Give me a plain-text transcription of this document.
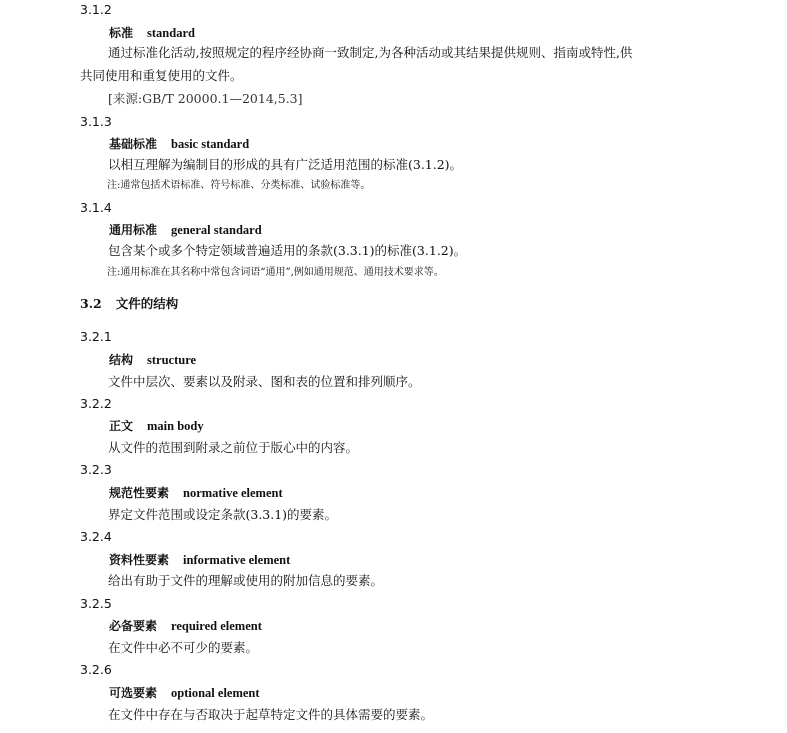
3.1.2
标准 standard
通过标准化活动,按照规定的程序经协商一致制定,为各种活动或其结果提供规则、指南或特性,供
共同使用和重复使用的文件。
[来源:GB/T 20000.1—2014,5.3]
3.1.3
基础标准 basic standard
以相互理解为编制目的形成的具有广泛适用范围的标准(3.1.2)。
注:通常包括术语标准、符号标准、分类标准、试验标准等。
3.1.4
通用标准 general standard
包含某个或多个特定领域普遍适用的条款(3.3.1)的标准(3.1.2)。
注:通用标准在其名称中常包含词语“通用”,例如通用规范、通用技术要求等。
3.2 文件的结构
3.2.1
结构 structure
文件中层次、要素以及附录、图和表的位置和排列顺序。
3.2.2
正文 main body
从文件的范围到附录之前位于版心中的内容。
3.2.3
规范性要素 normative element
界定文件范围或设定条款(3.3.1)的要素。
3.2.4
资料性要素 informative element
给出有助于文件的理解或使用的附加信息的要素。
3.2.5
必备要素 required element
在文件中必不可少的要素。
3.2.6
可选要素 optional element
在文件中存在与否取决于起草特定文件的具体需要的要素。
